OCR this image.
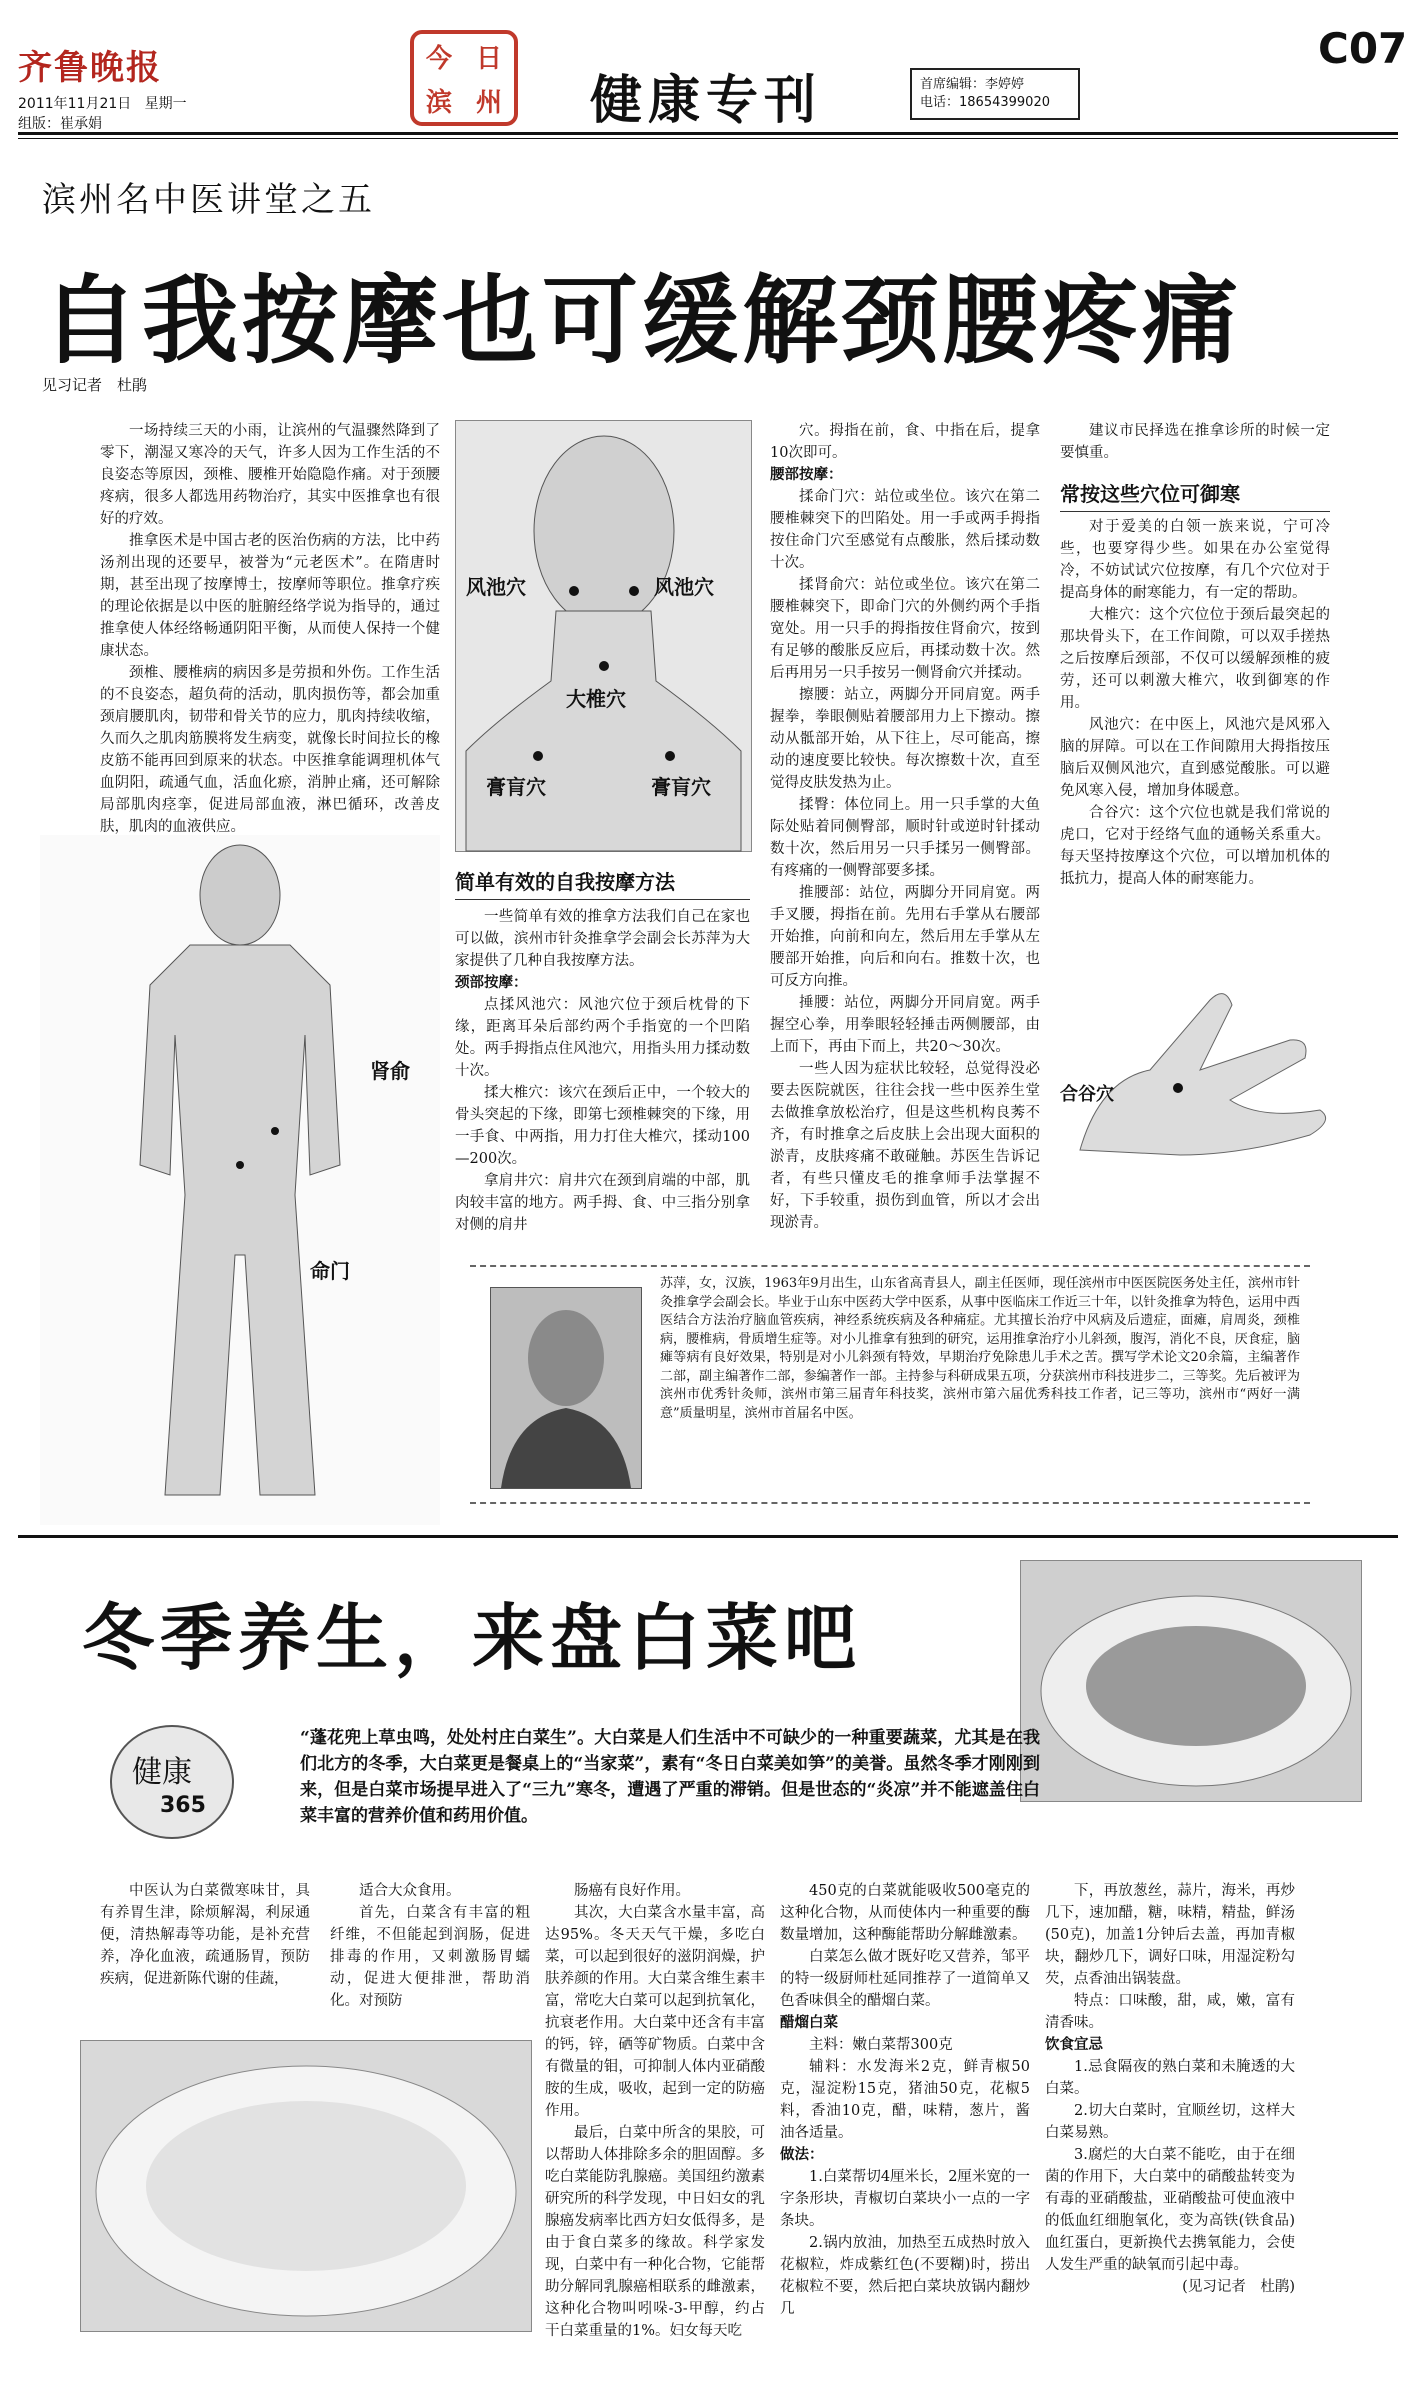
齐鲁晚报
2011年11月21日 星期一
组版：崔承娟
今 日
滨 州 健康专刊	首席编辑：李婷婷
电话：18654399020
C07
滨州名中医讲堂之五
自我按摩也可缓解颈腰疼痛
见习记者　杜鹃

一场持续三天的小雨，让滨州的气温骤然降到了零下，潮湿又寒冷的天气，许多人因为工作生活的不良姿态等原因，颈椎、腰椎开始隐隐作痛。对于颈腰疼病，很多人都选用药物治疗，其实中医推拿也有很好的疗效。

推拿医术是中国古老的医治伤病的方法，比中药汤剂出现的还要早，被誉为“元老医术”。在隋唐时期，甚至出现了按摩博士，按摩师等职位。推拿疗疾的理论依据是以中医的脏腑经络学说为指导的，通过推拿使人体经络畅通阴阳平衡，从而使人保持一个健康状态。

颈椎、腰椎病的病因多是劳损和外伤。工作生活的不良姿态，超负荷的活动，肌肉损伤等，都会加重颈肩腰肌肉，韧带和骨关节的应力，肌肉持续收缩，久而久之肌肉筋膜将发生病变，就像长时间拉长的橡皮筋不能再回到原来的状态。中医推拿能调理机体气血阴阳，疏通气血，活血化瘀，消肿止痛，还可解除局部肌肉痉挛，促进局部血液，淋巴循环，改善皮肤，肌肉的血液供应。

风池穴	风池穴
大椎穴
膏肓穴	膏肓穴

穴。拇指在前，食、中指在后，提拿10次即可。

腰部按摩：

揉命门穴：站位或坐位。该穴在第二腰椎棘突下的凹陷处。用一手或两手拇指按住命门穴至感觉有点酸胀，然后揉动数十次。

揉肾俞穴：站位或坐位。该穴在第二腰椎棘突下，即命门穴的外侧约两个手指宽处。用一只手的拇指按住肾俞穴，按到有足够的酸胀反应后，再揉动数十次。然后再用另一只手按另一侧肾俞穴并揉动。

擦腰：站立，两脚分开同肩宽。两手握拳，拳眼侧贴着腰部用力上下擦动。擦动从骶部开始，从下往上，尽可能高，擦动的速度要比较快。每次擦数十次，直至觉得皮肤发热为止。

揉臀：体位同上。用一只手掌的大鱼际处贴着同侧臀部，顺时针或逆时针揉动数十次，然后用另一只手揉另一侧臀部。有疼痛的一侧臀部要多揉。

推腰部：站位，两脚分开同肩宽。两手叉腰，拇指在前。先用右手掌从右腰部开始推，向前和向左，然后用左手掌从左腰部开始推，向后和向右。推数十次，也可反方向推。

捶腰：站位，两脚分开同肩宽。两手握空心拳，用拳眼轻轻捶击两侧腰部，由上而下，再由下而上，共20～30次。

一些人因为症状比较轻，总觉得没必要去医院就医，往往会找一些中医养生堂去做推拿放松治疗，但是这些机构良莠不齐，有时推拿之后皮肤上会出现大面积的淤青，皮肤疼痛不敢碰触。苏医生告诉记者，有些只懂皮毛的推拿师手法掌握不好，下手较重，损伤到血管，所以才会出现淤青。

建议市民择选在推拿诊所的时候一定要慎重。

常按这些穴位可御寒

对于爱美的白领一族来说，宁可冷些，也要穿得少些。如果在办公室觉得冷，不妨试试穴位按摩，有几个穴位对于提高身体的耐寒能力，有一定的帮助。

大椎穴：这个穴位位于颈后最突起的那块骨头下，在工作间隙，可以双手搓热之后按摩后颈部，不仅可以缓解颈椎的疲劳，还可以刺激大椎穴，收到御寒的作用。

风池穴：在中医上，风池穴是风邪入脑的屏障。可以在工作间隙用大拇指按压脑后双侧风池穴，直到感觉酸胀。可以避免风寒入侵，增加身体暖意。

合谷穴：这个穴位也就是我们常说的虎口，它对于经络气血的通畅关系重大。每天坚持按摩这个穴位，可以增加机体的抵抗力，提高人体的耐寒能力。

合谷穴
肾俞
命门
简单有效的自我按摩方法

一些简单有效的推拿方法我们自己在家也可以做，滨州市针灸推拿学会副会长苏萍为大家提供了几种自我按摩方法。

颈部按摩：

点揉风池穴：风池穴位于颈后枕骨的下缘，距离耳朵后部约两个手指宽的一个凹陷处。两手拇指点住风池穴，用指头用力揉动数十次。

揉大椎穴：该穴在颈后正中，一个较大的骨头突起的下缘，即第七颈椎棘突的下缘，用一手食、中两指，用力打住大椎穴，揉动100—200次。

拿肩井穴：肩井穴在颈到肩端的中部，肌肉较丰富的地方。两手拇、食、中三指分别拿对侧的肩井

苏萍，女，汉族，1963年9月出生，山东省高青县人，副主任医师，现任滨州市中医医院医务处主任，滨州市针灸推拿学会副会长。毕业于山东中医药大学中医系，从事中医临床工作近三十年，以针灸推拿为特色，运用中西医结合方法治疗脑血管疾病，神经系统疾病及各种痛症。尤其擅长治疗中风病及后遗症，面瘫，肩周炎，颈椎病，腰椎病，骨质增生症等。对小儿推拿有独到的研究，运用推拿治疗小儿斜颈，腹泻，消化不良，厌食症，脑瘫等病有良好效果，特别是对小儿斜颈有特效，早期治疗免除患儿手术之苦。撰写学术论文20余篇，主编著作二部，副主编著作二部，参编著作一部。主持参与科研成果五项，分获滨州市科技进步二，三等奖。先后被评为滨州市优秀针灸师，滨州市第三届青年科技奖，滨州市第六届优秀科技工作者，记三等功，滨州市“两好一满意”质量明星，滨州市首届名中医。
冬季养生，来盘白菜吧
健康
365
“蓬花兜上草虫鸣，处处村庄白菜生”。大白菜是人们生活中不可缺少的一种重要蔬菜，尤其是在我们北方的冬季，大白菜更是餐桌上的“当家菜”，素有“冬日白菜美如笋”的美誉。虽然冬季才刚刚到来，但是白菜市场提早进入了“三九”寒冬，遭遇了严重的滞销。但是世态的“炎凉”并不能遮盖住白菜丰富的营养价值和药用价值。

中医认为白菜微寒味甘，具有养胃生津，除烦解渴，利尿通便，清热解毒等功能，是补充营养，净化血液，疏通肠胃，预防疾病，促进新陈代谢的佳蔬，

适合大众食用。

首先，白菜含有丰富的粗纤维，不但能起到润肠，促进排毒的作用，又刺激肠胃蠕动，促进大便排泄，帮助消化。对预防

肠癌有良好作用。

其次，大白菜含水量丰富，高达95%。冬天天气干燥，多吃白菜，可以起到很好的滋阴润燥，护肤养颜的作用。大白菜含维生素丰富，常吃大白菜可以起到抗氧化，抗衰老作用。大白菜中还含有丰富的钙，锌，硒等矿物质。白菜中含有微量的钼，可抑制人体内亚硝酸胺的生成，吸收，起到一定的防癌作用。

最后，白菜中所含的果胶，可以帮助人体排除多余的胆固醇。多吃白菜能防乳腺癌。美国纽约激素研究所的科学发现，中日妇女的乳腺癌发病率比西方妇女低得多，是由于食白菜多的缘故。科学家发现，白菜中有一种化合物，它能帮助分解同乳腺癌相联系的雌激素，这种化合物叫吲哚-3-甲醇，约占干白菜重量的1%。妇女每天吃

450克的白菜就能吸收500毫克的这种化合物，从而使体内一种重要的酶数量增加，这种酶能帮助分解雌激素。

白菜怎么做才既好吃又营养，邹平的特一级厨师杜延同推荐了一道简单又色香味俱全的醋熘白菜。

醋熘白菜

主料：嫩白菜帮300克

辅料：水发海米2克，鲜青椒50克，湿淀粉15克，猪油50克，花椒5料，香油10克，醋，味精，葱片，酱油各适量。

做法：

1.白菜帮切4厘米长，2厘米宽的一字条形块，青椒切白菜块小一点的一字条块。

2.锅内放油，加热至五成热时放入花椒粒，炸成紫红色(不要糊)时，捞出花椒粒不要，然后把白菜块放锅内翻炒几

下，再放葱丝，蒜片，海米，再炒几下，速加醋，糖，味精，精盐，鲜汤(50克)，加盖1分钟后去盖，再加青椒块，翻炒几下，调好口味，用湿淀粉勾芡，点香油出锅装盘。

特点：口味酸，甜，咸，嫩，富有清香味。

饮食宜忌

1.忌食隔夜的熟白菜和未腌透的大白菜。

2.切大白菜时，宜顺丝切，这样大白菜易熟。

3.腐烂的大白菜不能吃，由于在细菌的作用下，大白菜中的硝酸盐转变为有毒的亚硝酸盐，亚硝酸盐可使血液中的低血红细胞氧化，变为高铁(铁食品)血红蛋白，更新换代去携氧能力，会使人发生严重的缺氧而引起中毒。

(见习记者　杜鹃)
